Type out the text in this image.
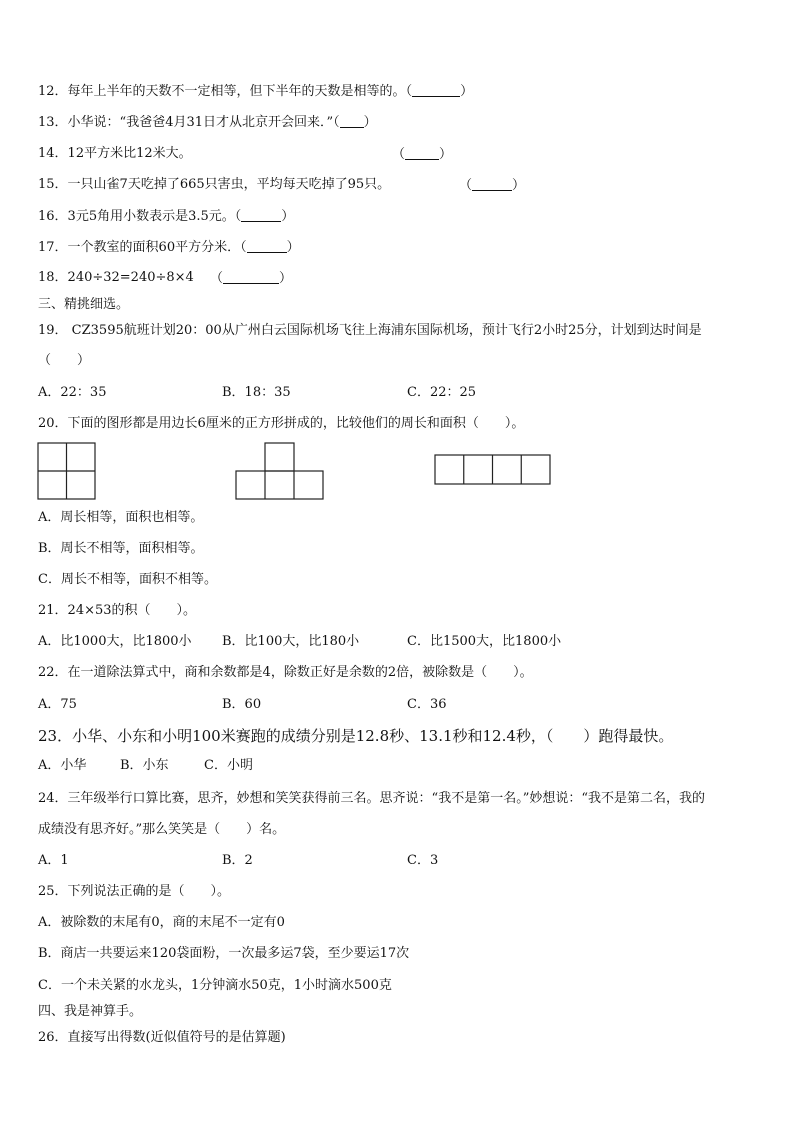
12．每年上半年的天数不一定相等，但下半年的天数是相等的。（	）
13．小华说：“我爸爸4月31日才从北京开会回来．”（ ）
14．12平方米比12米大。	（	）
15．一只山雀7天吃掉了665只害虫，平均每天吃掉了95只。	（	）
16．3元5角用小数表示是3.5元。（	）
17．一个教室的面积60平方分米．（	）
18．240÷32=240÷8×4 （	）
三、精挑细选。
19． CZ3595航班计划20：00从广州白云国际机场飞往上海浦东国际机场，预计飞行2小时25分，计划到达时间是
（　　）
A．22：35	B．18：35	C．22：25
20．下面的图形都是用边长6厘米的正方形拼成的，比较他们的周长和面积（　　）。
A．周长相等，面积也相等。
B．周长不相等，面积相等。
C．周长不相等，面积不相等。
21．24×53的积（　　）。
A．比1000大，比1800小 B．比100大，比180小	C．比1500大，比1800小
22．在一道除法算式中，商和余数都是4，除数正好是余数的2倍，被除数是（　　）。
A．75	B．60	C．36
23．小华、小东和小明100米赛跑的成绩分别是12.8秒、13.1秒和12.4秒，（　　）跑得最快。
A．小华	B．小东	C．小明
24．三年级举行口算比赛，思齐，妙想和笑笑获得前三名。思齐说：“我不是第一名。”妙想说：“我不是第二名，我的
成绩没有思齐好。”那么笑笑是（　　）名。
A．1	B．2	C．3
25．下列说法正确的是（　　）。
A．被除数的末尾有0，商的末尾不一定有0
B．商店一共要运来120袋面粉，一次最多运7袋，至少要运17次
C．一个未关紧的水龙头，1分钟滴水50克，1小时滴水500克
四、我是神算手。
26．直接写出得数(近似值符号的是估算题)
